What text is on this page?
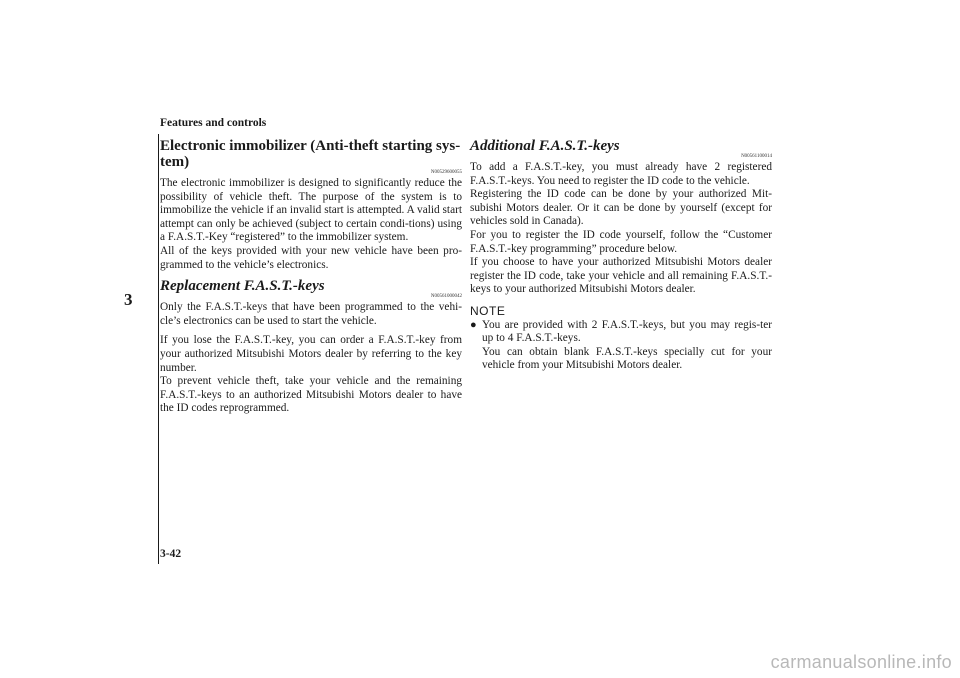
Features and controls
3
Electronic immobilizer (Anti-theft starting sys-tem)
N00529600055

The electronic immobilizer is designed to significantly reduce the possibility of vehicle theft. The purpose of the system is to immobilize the vehicle if an invalid start is attempted. A valid start attempt can only be achieved (subject to certain condi-tions) using a F.A.S.T.-Key “registered” to the immobilizer system.

All of the keys provided with your new vehicle have been pro-grammed to the vehicle’s electronics.

Replacement F.A.S.T.-keys
N00561000042

Only the F.A.S.T.-keys that have been programmed to the vehi-cle’s electronics can be used to start the vehicle.

If you lose the F.A.S.T.-key, you can order a F.A.S.T.-key from your authorized Mitsubishi Motors dealer by referring to the key number.

To prevent vehicle theft, take your vehicle and the remaining F.A.S.T.-keys to an authorized Mitsubishi Motors dealer to have the ID codes reprogrammed.

Additional F.A.S.T.-keys
N00561100014

To add a F.A.S.T.-key, you must already have 2 registered F.A.S.T.-keys. You need to register the ID code to the vehicle.

Registering the ID code can be done by your authorized Mit-subishi Motors dealer. Or it can be done by yourself (except for vehicles sold in Canada).

For you to register the ID code yourself, follow the “Customer F.A.S.T.-key programming” procedure below.

If you choose to have your authorized Mitsubishi Motors dealer register the ID code, take your vehicle and all remaining F.A.S.T.-keys to your authorized Mitsubishi Motors dealer.

NOTE
● You are provided with 2 F.A.S.T.-keys, but you may regis-ter up to 4 F.A.S.T.-keys.

You can obtain blank F.A.S.T.-keys specially cut for your vehicle from your Mitsubishi Motors dealer.

3-42
carmanualsonline.info
